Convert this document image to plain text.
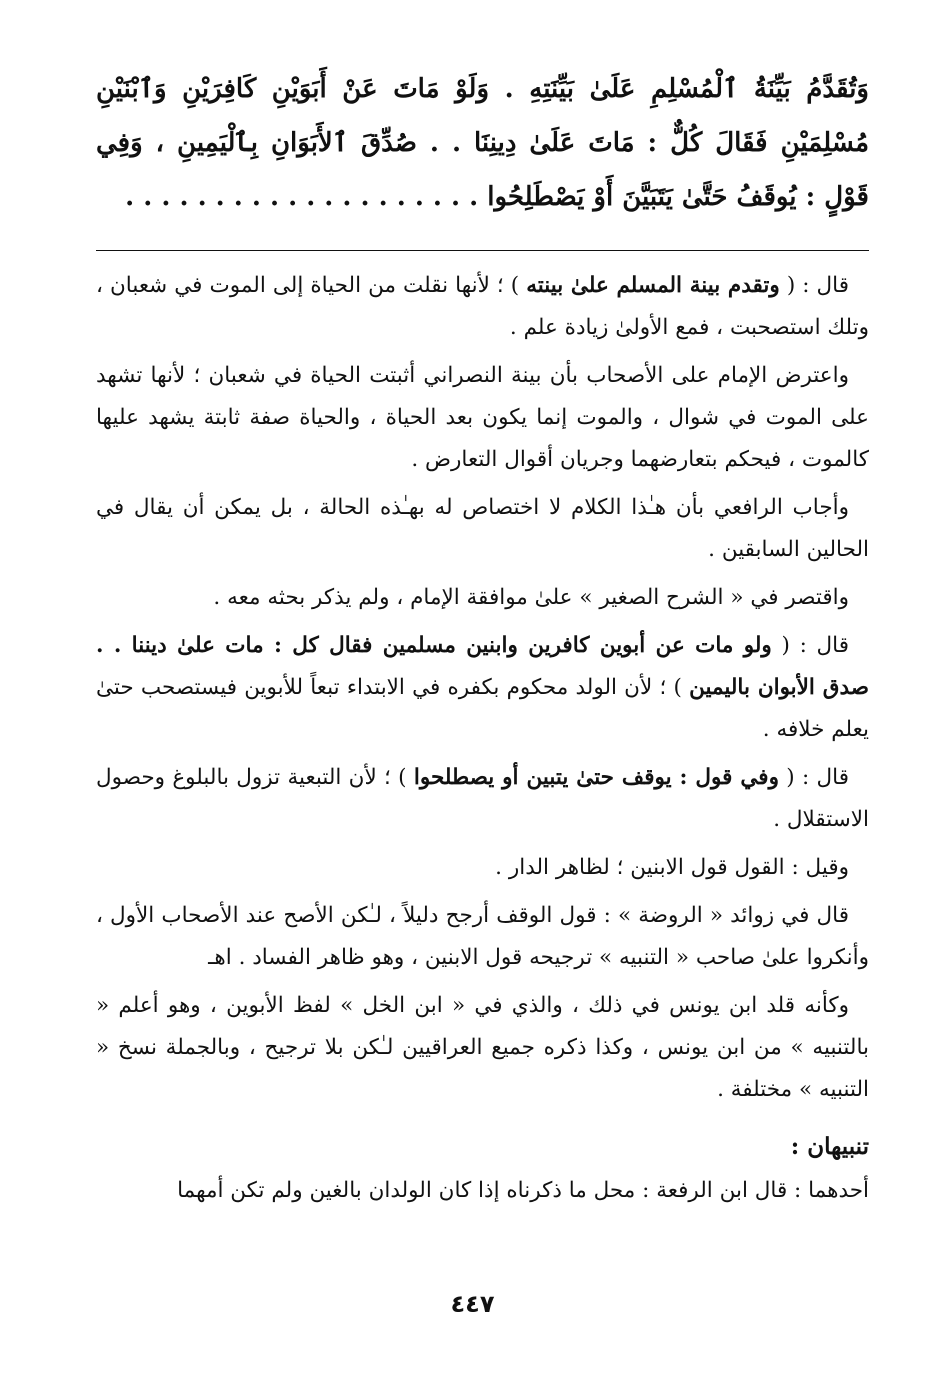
وَتُقَدَّمُ بَيِّنَةُ ٱلْمُسْلِمِ عَلَىٰ بَيِّنَتِهِ . وَلَوْ مَاتَ عَنْ أَبَوَيْنِ كَافِرَيْنِ وَٱبْنَيْنِ مُسْلِمَيْنِ فَقَالَ كُلٌّ : مَاتَ عَلَىٰ دِينِنَا . . صُدِّقَ ٱلأَبَوَانِ بِٱلْيَمِينِ ، وَفِي قَوْلٍ : يُوقَفُ حَتَّىٰ يَتَبَيَّنَ أَوْ يَصْطَلِحُوا . . . . . . . . . . . . . . . . . . . .

قال : ( وتقدم بينة المسلم علىٰ بينته ) ؛ لأنها نقلت من الحياة إلى الموت في شعبان ، وتلك استصحبت ، فمع الأولىٰ زيادة علم .

واعترض الإمام على الأصحاب بأن بينة النصراني أثبتت الحياة في شعبان ؛ لأنها تشهد على الموت في شوال ، والموت إنما يكون بعد الحياة ، والحياة صفة ثابتة يشهد عليها كالموت ، فيحكم بتعارضهما وجريان أقوال التعارض .

وأجاب الرافعي بأن هـٰذا الكلام لا اختصاص له بهـٰذه الحالة ، بل يمكن أن يقال في الحالين السابقين .

واقتصر في « الشرح الصغير » علىٰ موافقة الإمام ، ولم يذكر بحثه معه .

قال : ( ولو مات عن أبوين كافرين وابنين مسلمين فقال كل : مات علىٰ ديننا . . صدق الأبوان باليمين ) ؛ لأن الولد محكوم بكفره في الابتداء تبعاً للأبوين فيستصحب حتىٰ يعلم خلافه .

قال : ( وفي قول : يوقف حتىٰ يتبين أو يصطلحوا ) ؛ لأن التبعية تزول بالبلوغ وحصول الاستقلال .

وقيل : القول قول الابنين ؛ لظاهر الدار .

قال في زوائد « الروضة » : قول الوقف أرجح دليلاً ، لـٰكن الأصح عند الأصحاب الأول ، وأنكروا علىٰ صاحب « التنبيه » ترجيحه قول الابنين ، وهو ظاهر الفساد . اهـ

وكأنه قلد ابن يونس في ذلك ، والذي في « ابن الخل » لفظ الأبوين ، وهو أعلم « بالتنبيه » من ابن يونس ، وكذا ذكره جميع العراقيين لـٰكن بلا ترجيح ، وبالجملة نسخ « التنبيه » مختلفة .

تنبيهان :

أحدهما : قال ابن الرفعة : محل ما ذكرناه إذا كان الولدان بالغين ولم تكن أمهما

٤٤٧
